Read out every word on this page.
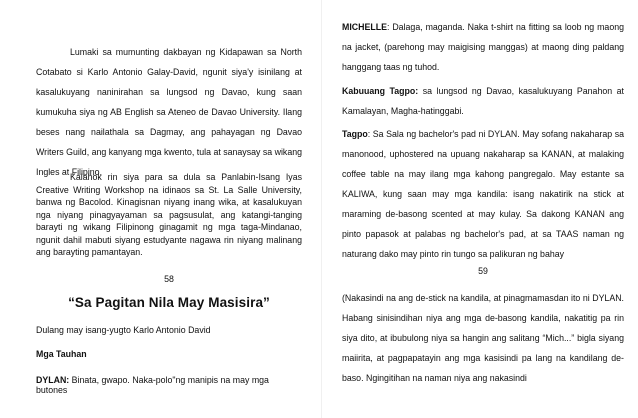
Lumaki sa mumunting dakbayan ng Kidapawan sa North Cotabato si Karlo Antonio Galay-David, ngunit siya'y isinilang at kasalukuyang naninirahan sa lungsod ng Davao, kung saan kumukuha siya ng AB English sa Ateneo de Davao University. Ilang beses nang nailathala sa Dagmay, ang pahayagan ng Davao Writers Guild, ang kanyang mga kwento, tula at sanaysay sa wikang Ingles at Filipino.

Kalahok rin siya para sa dula sa Panlabin-Isang Iyas Creative Writing Workshop na idinaos sa St. La Salle University, banwa ng Bacolod. Kinagisnan niyang inang wika, at kasalukuyan nga niyang pinagyayaman sa pagsusulat, ang katangi-tanging barayti ng wikang Filipinong ginagamit ng mga taga-Mindanao, ngunit dahil mabuti siyang estudyante nagawa rin niyang malinang ang barayting pamantayan.

58

“Sa Pagitan Nila May Masisira”

Dulang may isang-yugto Karlo Antonio David

Mga Tauhan

DYLAN: Binata, gwapo. Naka-polo"ng manipis na may mga butones

MICHELLE: Dalaga, maganda. Naka t-shirt na fitting sa loob ng maong na jacket, (parehong may maigising manggas) at maong ding paldang hanggang taas ng tuhod.

Kabuuang Tagpo: sa lungsod ng Davao, kasalukuyang Panahon at Kamalayan, Magha-hatinggabi.

Tagpo: Sa Sala ng bachelor's pad ni DYLAN. May sofang nakaharap sa manonood, uphostered na upuang nakaharap sa KANAN, at malaking coffee table na may ilang mga kahong pangregalo. May estante sa KALIWA, kung saan may mga kandila: isang nakatirik na stick at maraming de-basong scented at may kulay. Sa dakong KANAN ang pinto papasok at palabas ng bachelor's pad, at sa TAAS naman ng naturang dako may pinto rin tungo sa palikuran ng bahay

59

(Nakasindi na ang de-stick na kandila, at pinagmamasdan ito ni DYLAN. Habang sinisindihan niya ang mga de-basong kandila, nakatitig pa rin siya dito, at ibubulong niya sa hangin ang salitang “Mich...” bigla siyang maiirita, at pagpapatayin ang mga kasisindi pa lang na kandilang de-baso. Ngingitihan na naman niya ang nakasindi
